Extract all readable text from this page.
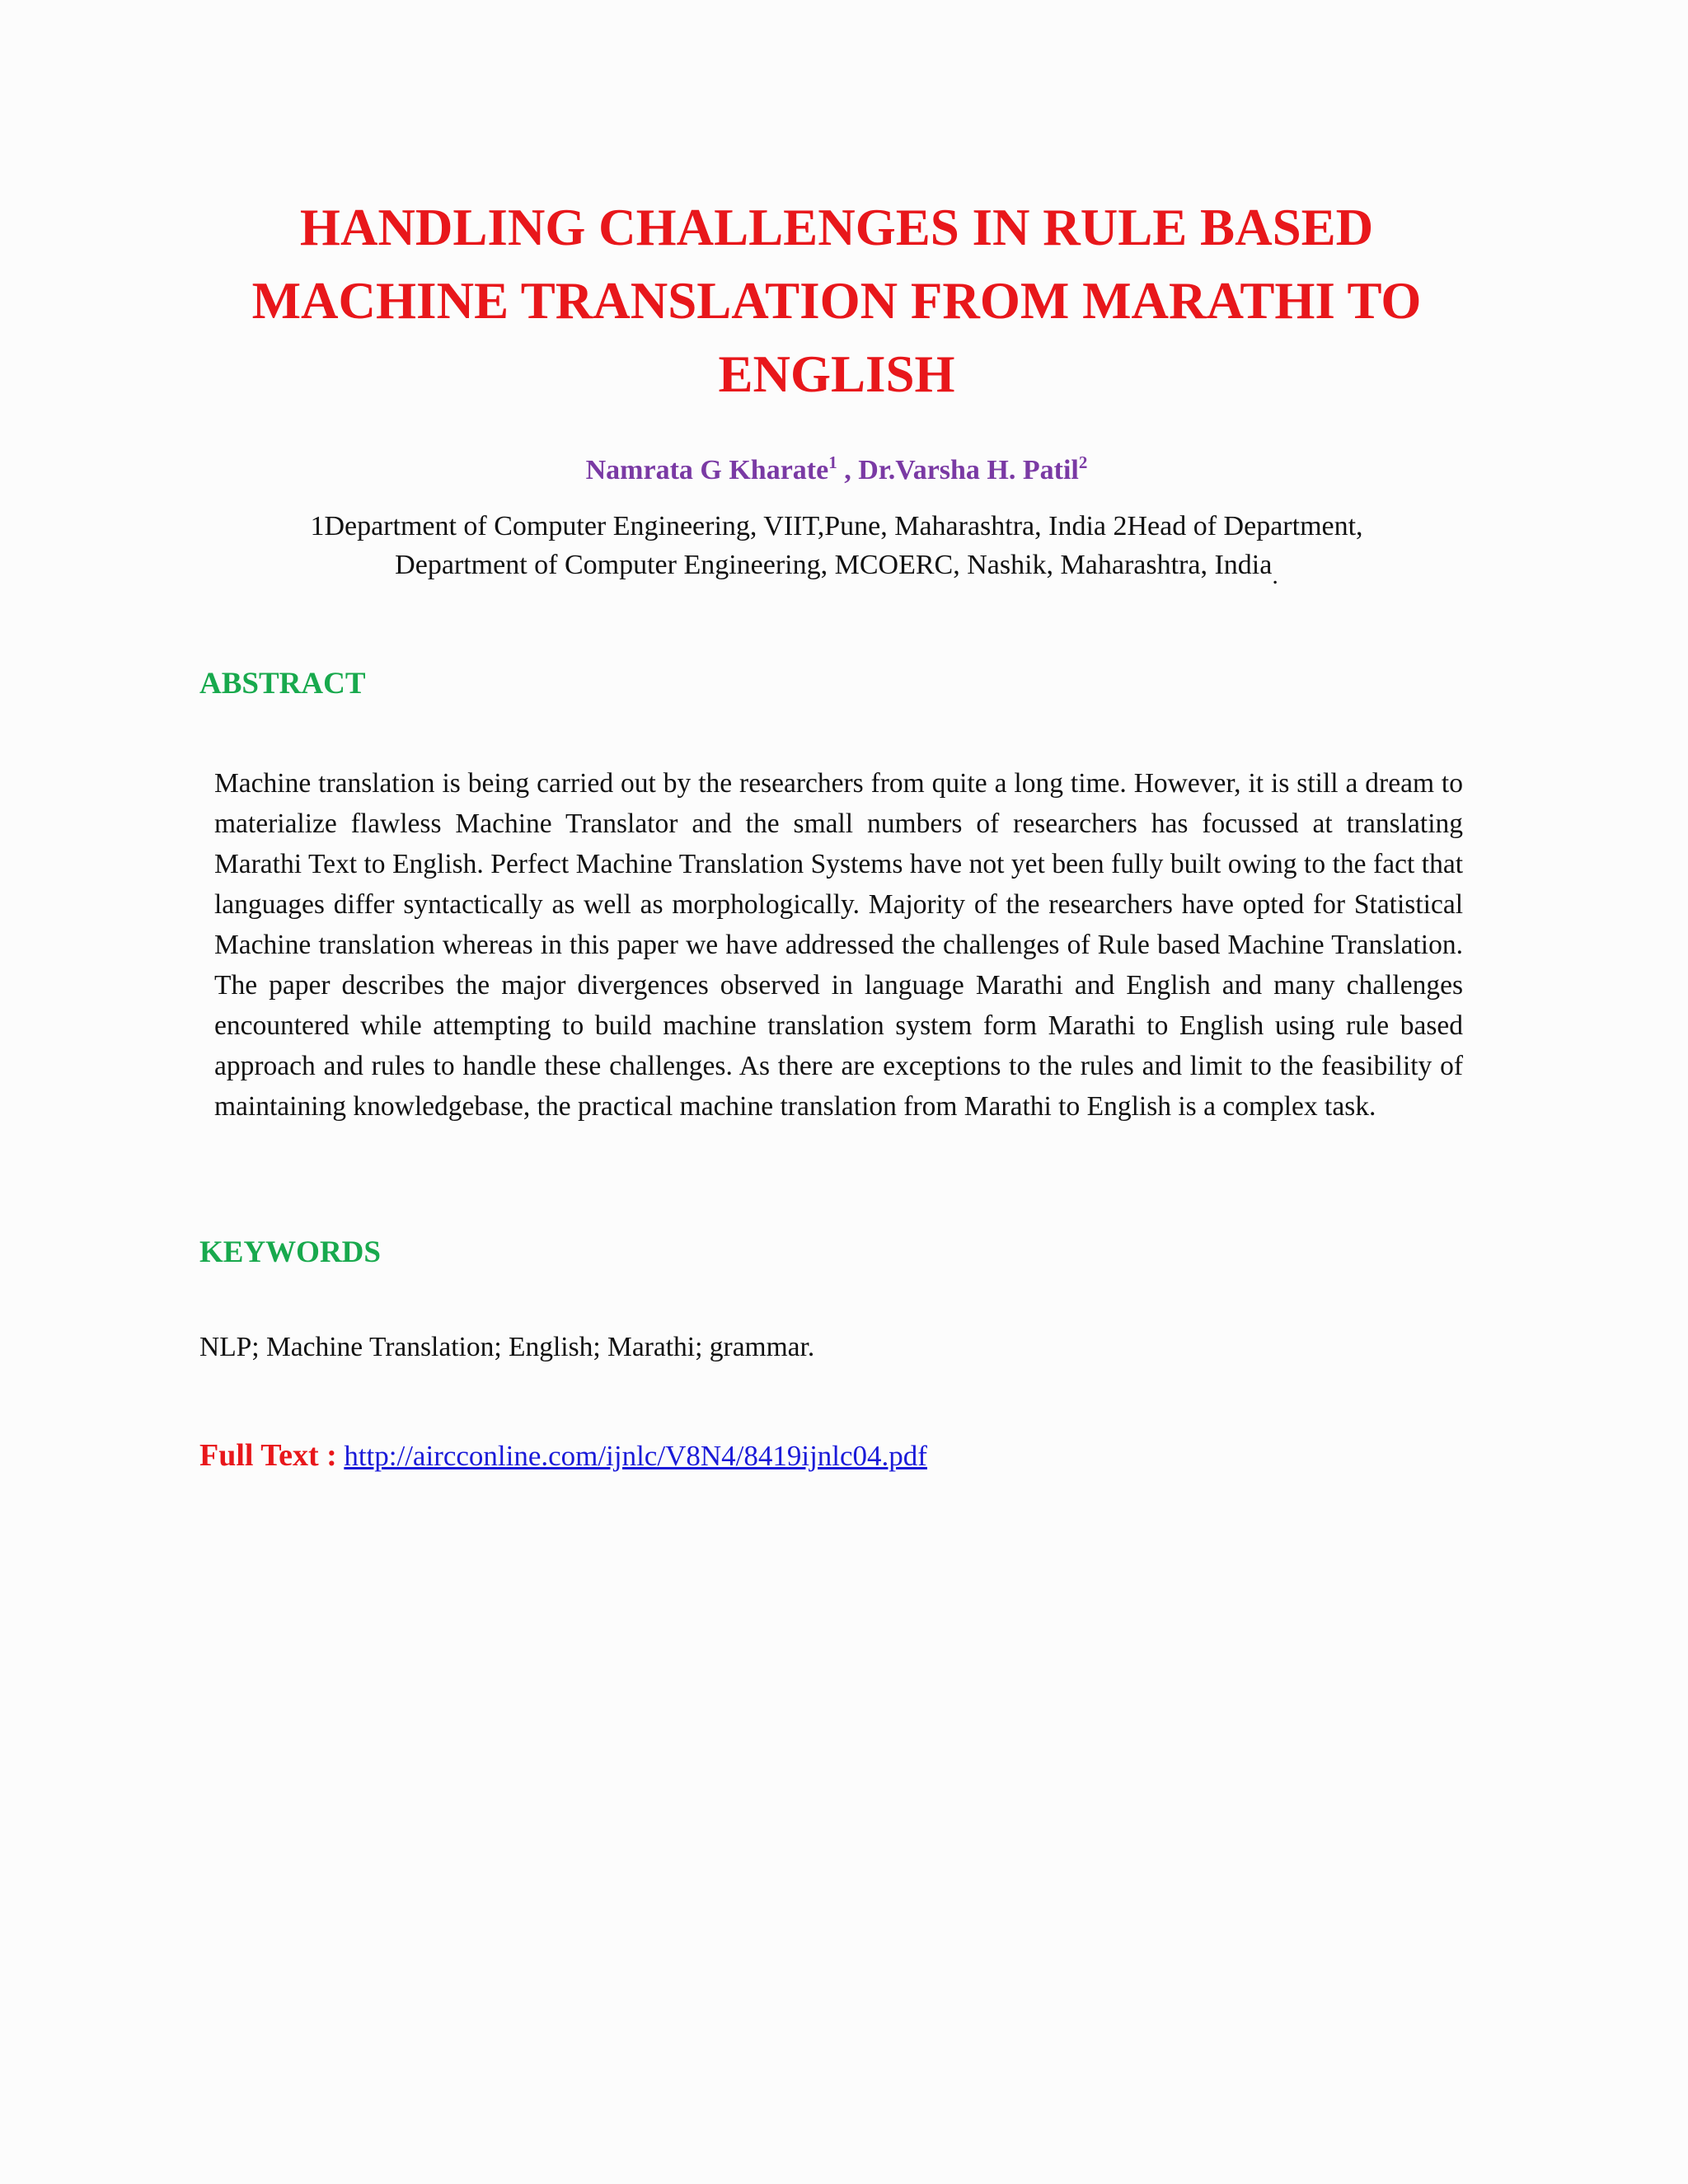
HANDLING CHALLENGES IN RULE BASED MACHINE TRANSLATION FROM MARATHI TO ENGLISH
Namrata G Kharate$^1$ , Dr.Varsha H. Patil$^2$
1Department of Computer Engineering, VIIT,Pune, Maharashtra, India 2Head of Department, Department of Computer Engineering, MCOERC, Nashik, Maharashtra, India.
ABSTRACT

Machine translation is being carried out by the researchers from quite a long time. However, it is still a dream to materialize flawless Machine Translator and the small numbers of researchers has focussed at translating Marathi Text to English. Perfect Machine Translation Systems have not yet been fully built owing to the fact that languages differ syntactically as well as morphologically. Majority of the researchers have opted for Statistical Machine translation whereas in this paper we have addressed the challenges of Rule based Machine Translation. The paper describes the major divergences observed in language Marathi and English and many challenges encountered while attempting to build machine translation system form Marathi to English using rule based approach and rules to handle these challenges. As there are exceptions to the rules and limit to the feasibility of maintaining knowledgebase, the practical machine translation from Marathi to English is a complex task.

KEYWORDS
NLP; Machine Translation; English; Marathi; grammar.
Full Text : http://aircconline.com/ijnlc/V8N4/8419ijnlc04.pdf
